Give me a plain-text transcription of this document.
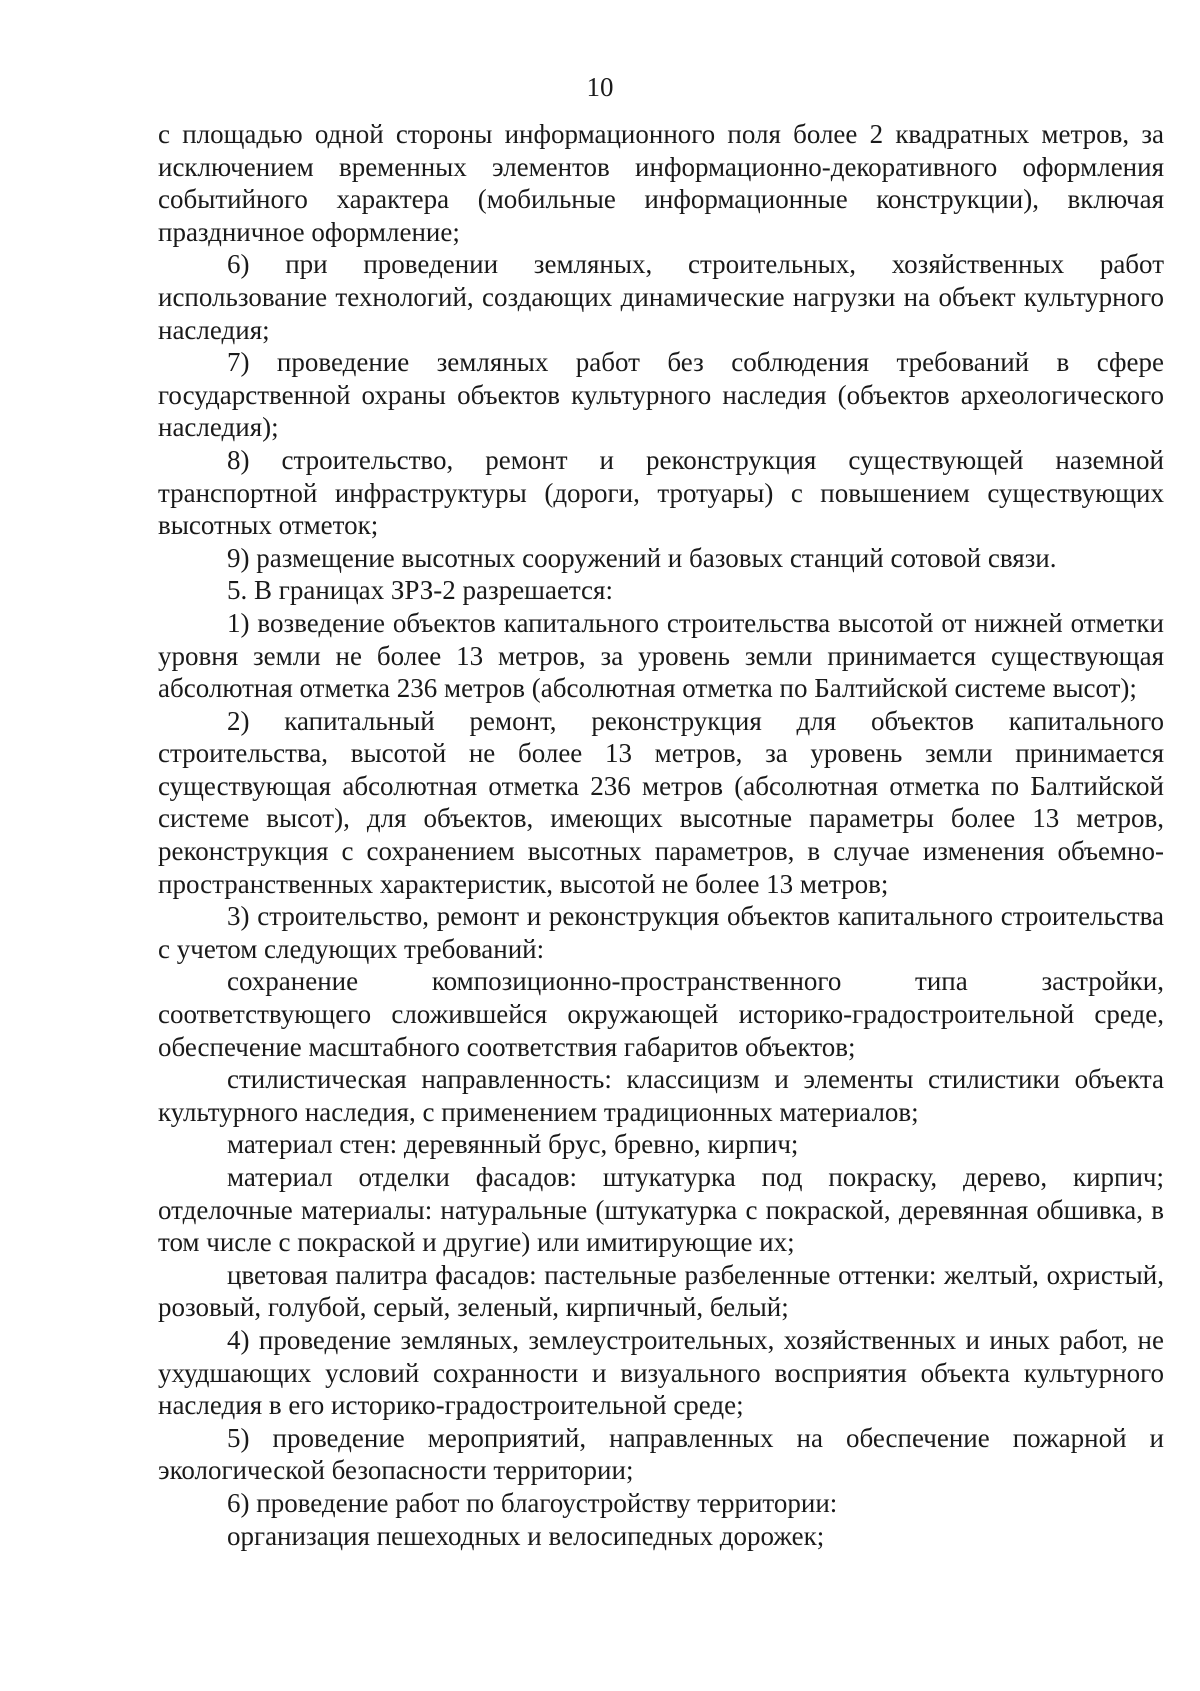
10

с площадью одной стороны информационного поля более 2 квадратных метров, за исключением временных элементов информационно-декоративного оформления событийного характера (мобильные информационные конструкции), включая праздничное оформление;

6) при проведении земляных, строительных, хозяйственных работ использование технологий, создающих динамические нагрузки на объект культурного наследия;

7) проведение земляных работ без соблюдения требований в сфере государственной охраны объектов культурного наследия (объектов археологического наследия);

8) строительство, ремонт и реконструкция существующей наземной транспортной инфраструктуры (дороги, тротуары) с повышением существующих высотных отметок;

9) размещение высотных сооружений и базовых станций сотовой связи.

5. В границах ЗРЗ-2 разрешается:

1) возведение объектов капитального строительства высотой от нижней отметки уровня земли не более 13 метров, за уровень земли принимается существующая абсолютная отметка 236 метров (абсолютная отметка по Балтийской системе высот);

2) капитальный ремонт, реконструкция для объектов капитального строительства, высотой не более 13 метров, за уровень земли принимается существующая абсолютная отметка 236 метров (абсолютная отметка по Балтийской системе высот), для объектов, имеющих высотные параметры более 13 метров, реконструкция с сохранением высотных параметров, в случае изменения объемно-пространственных характеристик, высотой не более 13 метров;

3) строительство, ремонт и реконструкция объектов капитального строительства с учетом следующих требований:

сохранение композиционно-пространственного типа застройки, соответствующего сложившейся окружающей историко-градостроительной среде, обеспечение масштабного соответствия габаритов объектов;

стилистическая направленность: классицизм и элементы стилистики объекта культурного наследия, с применением традиционных материалов;

материал стен: деревянный брус, бревно, кирпич;

материал отделки фасадов: штукатурка под покраску, дерево, кирпич; отделочные материалы: натуральные (штукатурка с покраской, деревянная обшивка, в том числе с покраской и другие) или имитирующие их;

цветовая палитра фасадов: пастельные разбеленные оттенки: желтый, охристый, розовый, голубой, серый, зеленый, кирпичный, белый;

4) проведение земляных, землеустроительных, хозяйственных и иных работ, не ухудшающих условий сохранности и визуального восприятия объекта культурного наследия в его историко-градостроительной среде;

5) проведение мероприятий, направленных на обеспечение пожарной и экологической безопасности территории;

6) проведение работ по благоустройству территории:

организация пешеходных и велосипедных дорожек;
